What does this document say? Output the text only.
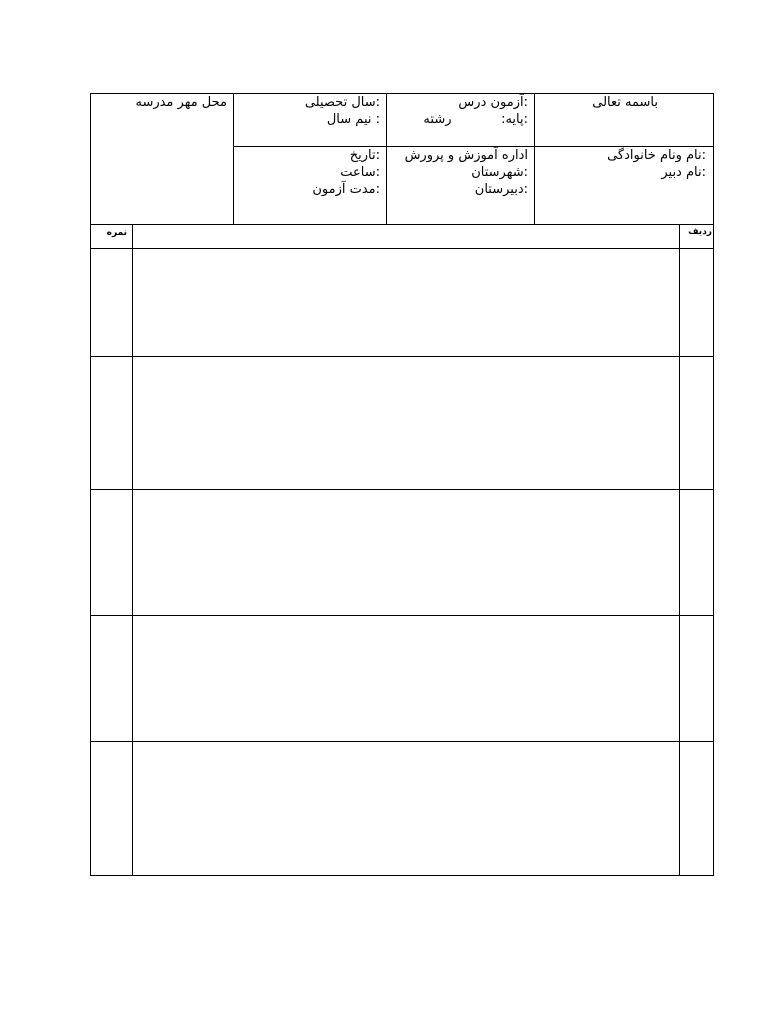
باسمه تعالی
:آزمون درس
:پایه:            رشته
:سال تحصیلی
: نیم سال
محل مهر مدرسه
:نام ونام خانوادگی
:نام دبیر
اداره آموزش و پرورش
:شهرستان
:دبیرستان
:تاریخ
:ساعت
:مدت آزمون
ردیف
نمره
